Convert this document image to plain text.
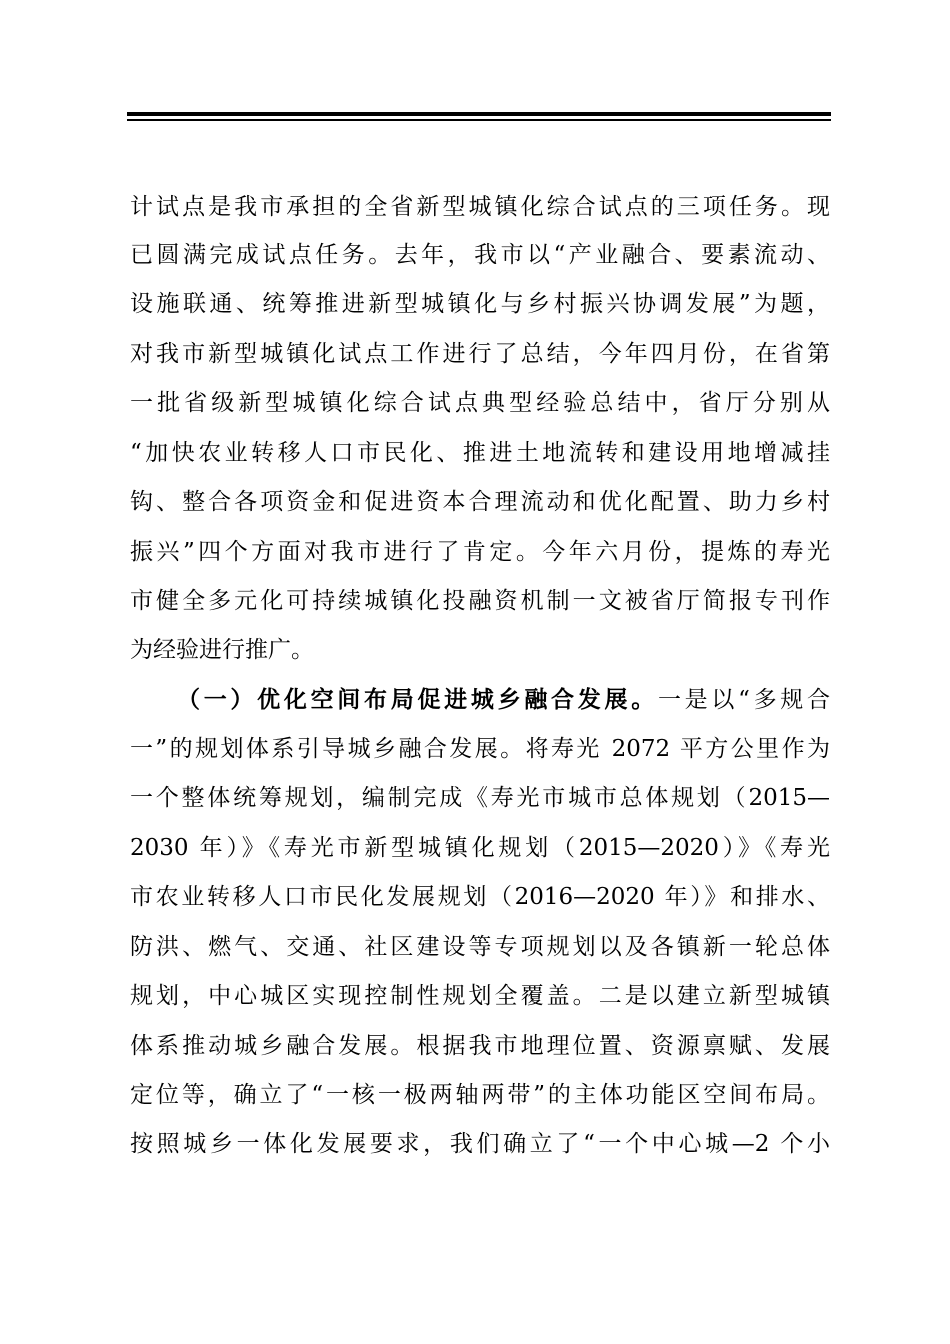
计试点是我市承担的全省新型城镇化综合试点的三项任务。现
已圆满完成试点任务。去年，我市以“产业融合、要素流动、
设施联通、统筹推进新型城镇化与乡村振兴协调发展”为题，
对我市新型城镇化试点工作进行了总结，今年四月份，在省第
一批省级新型城镇化综合试点典型经验总结中，省厅分别从
“加快农业转移人口市民化、推进土地流转和建设用地增减挂
钩、整合各项资金和促进资本合理流动和优化配置、助力乡村
振兴”四个方面对我市进行了肯定。今年六月份，提炼的寿光
市健全多元化可持续城镇化投融资机制一文被省厅简报专刊作
为经验进行推广。
（一）优化空间布局促进城乡融合发展。一是以“多规合
一”的规划体系引导城乡融合发展。将寿光 2072 平方公里作为
一个整体统筹规划，编制完成《寿光市城市总体规划（2015—
2030 年）》《寿光市新型城镇化规划（2015—2020）》《寿光
市农业转移人口市民化发展规划（2016—2020 年）》和排水、
防洪、燃气、交通、社区建设等专项规划以及各镇新一轮总体
规划，中心城区实现控制性规划全覆盖。二是以建立新型城镇
体系推动城乡融合发展。根据我市地理位置、资源禀赋、发展
定位等，确立了“一核一极两轴两带”的主体功能区空间布局。
按照城乡一体化发展要求，我们确立了“一个中心城—2 个小
